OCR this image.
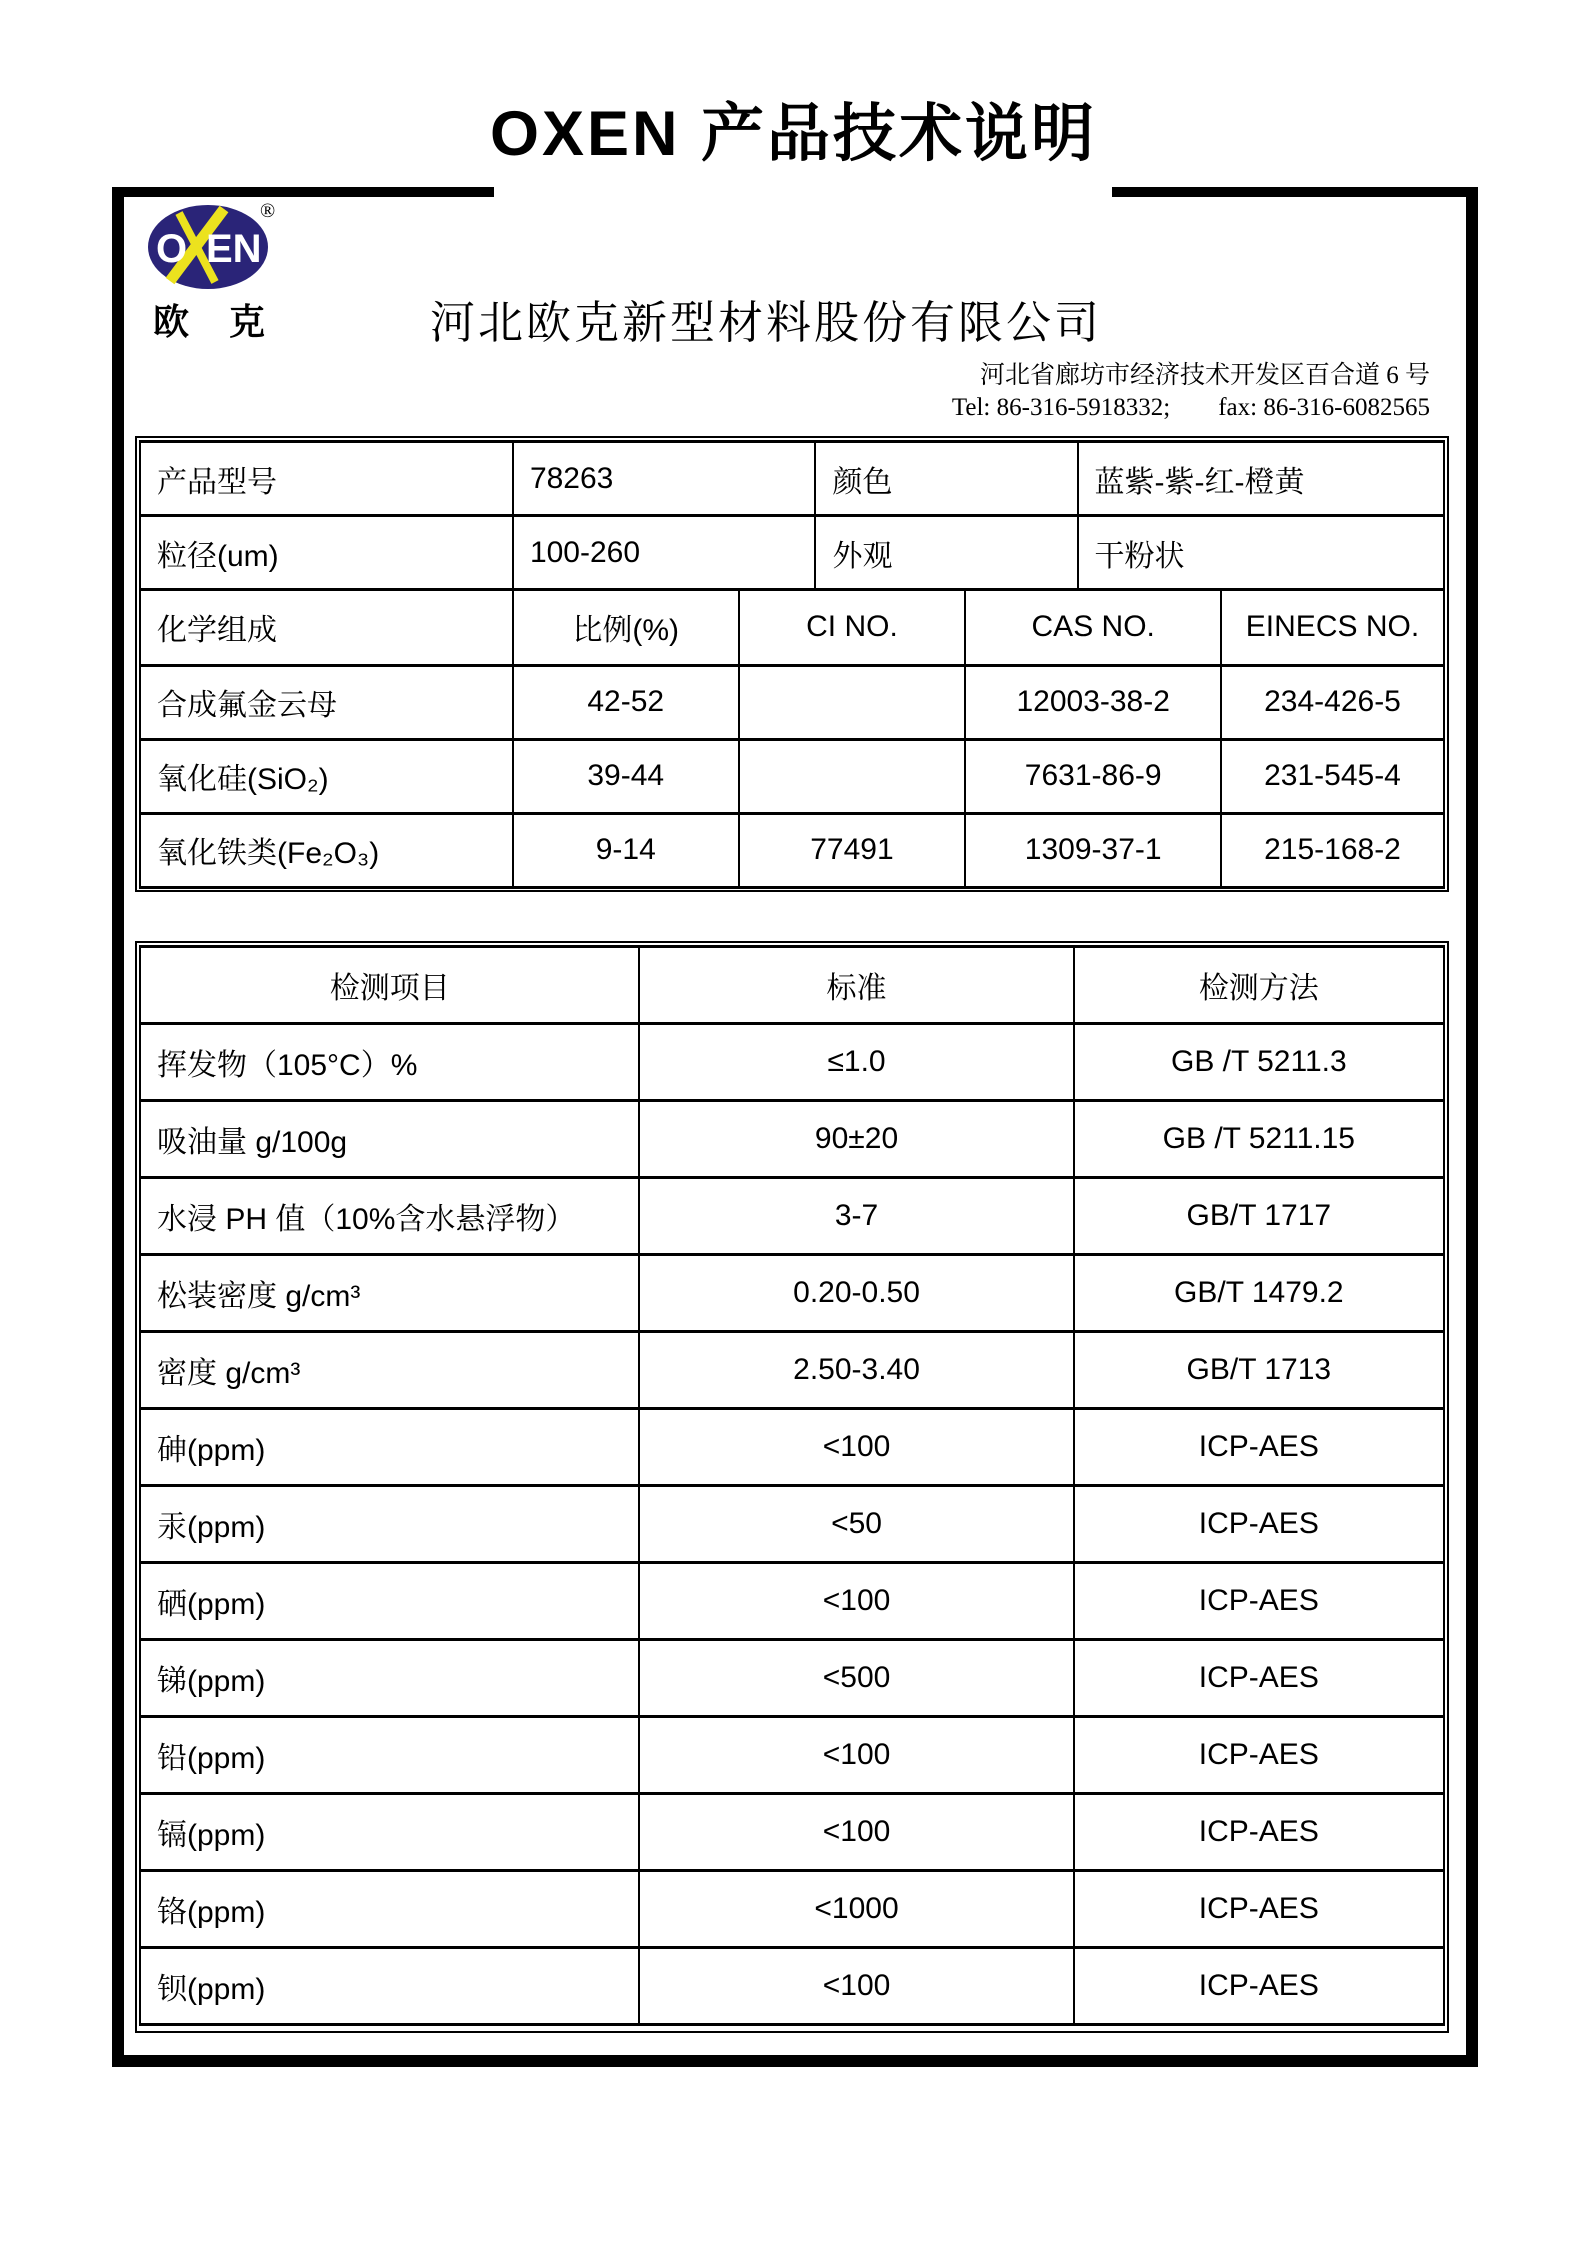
OXEN 产品技术说明
O EN
®
欧 克	河北欧克新型材料股份有限公司
河北省廊坊市经济技术开发区百合道 6 号
Tel: 86-316-5918332; fax: 86-316-6082565
产品型号	78263	颜色	蓝紫-紫-红-橙黄
粒径(um)	100-260	外观	干粉状
化学组成	比例(%)	CI NO.	CAS NO.	EINECS NO.
合成氟金云母	42-52		12003-38-2	234-426-5
氧化硅(SiO₂)	39-44		7631-86-9	231-545-4
氧化铁类(Fe₂O₃)	9-14	77491	1309-37-1	215-168-2
检测项目	标准	检测方法
挥发物（105°C）%	≤1.0	GB /T 5211.3
吸油量 g/100g	90±20	GB /T 5211.15
水浸 PH 值（10%含水悬浮物）	3-7	GB/T 1717
松装密度 g/cm³	0.20-0.50	GB/T 1479.2
密度 g/cm³	2.50-3.40	GB/T 1713
砷(ppm)	<100	ICP-AES
汞(ppm)	<50	ICP-AES
硒(ppm)	<100	ICP-AES
锑(ppm)	<500	ICP-AES
铅(ppm)	<100	ICP-AES
镉(ppm)	<100	ICP-AES
铬(ppm)	<1000	ICP-AES
钡(ppm)	<100	ICP-AES
